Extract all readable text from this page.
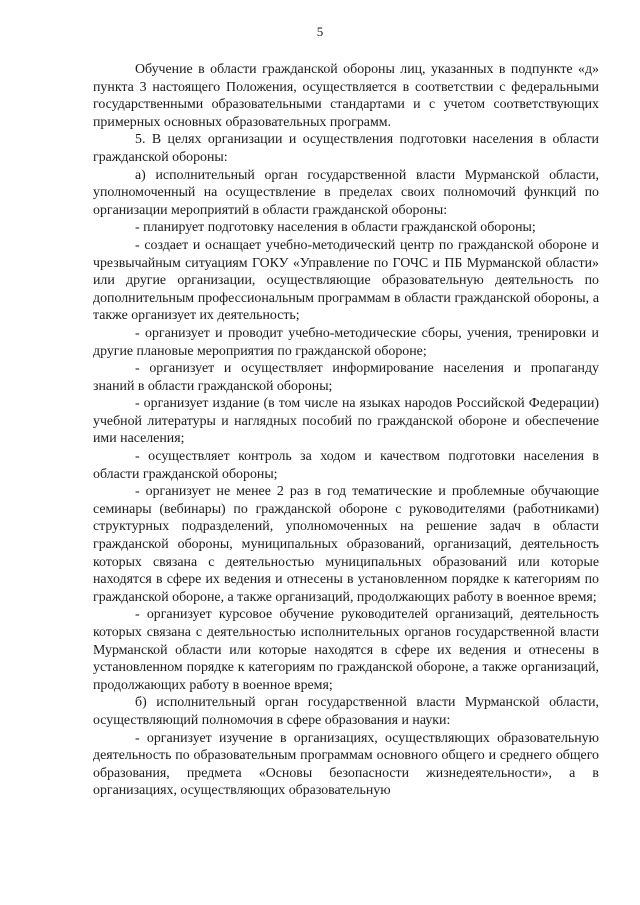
5

Обучение в области гражданской обороны лиц, указанных в подпункте «д» пункта 3 настоящего Положения, осуществляется в соответствии с федеральными государственными образовательными стандартами и с учетом соответствующих примерных основных образовательных программ.

5. В целях организации и осуществления подготовки населения в области гражданской обороны:

а) исполнительный орган государственной власти Мурманской области, уполномоченный на осуществление в пределах своих полномочий функций по организации мероприятий в области гражданской обороны:

- планирует подготовку населения в области гражданской обороны;

- создает и оснащает учебно-методический центр по гражданской обороне и чрезвычайным ситуациям ГОКУ «Управление по ГОЧС и ПБ Мурманской области» или другие организации, осуществляющие образовательную деятельность по дополнительным профессиональным программам в области гражданской обороны, а также организует их деятельность;

- организует и проводит учебно-методические сборы, учения, тренировки и другие плановые мероприятия по гражданской обороне;

- организует и осуществляет информирование населения и пропаганду знаний в области гражданской обороны;

- организует издание (в том числе на языках народов Российской Федерации) учебной литературы и наглядных пособий по гражданской обороне и обеспечение ими населения;

- осуществляет контроль за ходом и качеством подготовки населения в области гражданской обороны;

- организует не менее 2 раз в год тематические и проблемные обучающие семинары (вебинары) по гражданской обороне с руководителями (работниками) структурных подразделений, уполномоченных на решение задач в области гражданской обороны, муниципальных образований, организаций, деятельность которых связана с деятельностью муниципальных образований или которые находятся в сфере их ведения и отнесены в установленном порядке к категориям по гражданской обороне, а также организаций, продолжающих работу в военное время;

- организует курсовое обучение руководителей организаций, деятельность которых связана с деятельностью исполнительных органов государственной власти Мурманской области или которые находятся в сфере их ведения и отнесены в установленном порядке к категориям по гражданской обороне, а также организаций, продолжающих работу в военное время;

б) исполнительный орган государственной власти Мурманской области, осуществляющий полномочия в сфере образования и науки:

- организует изучение в организациях, осуществляющих образовательную деятельность по образовательным программам основного общего и среднего общего образования, предмета «Основы безопасности жизнедеятельности», а в организациях, осуществляющих образовательную
